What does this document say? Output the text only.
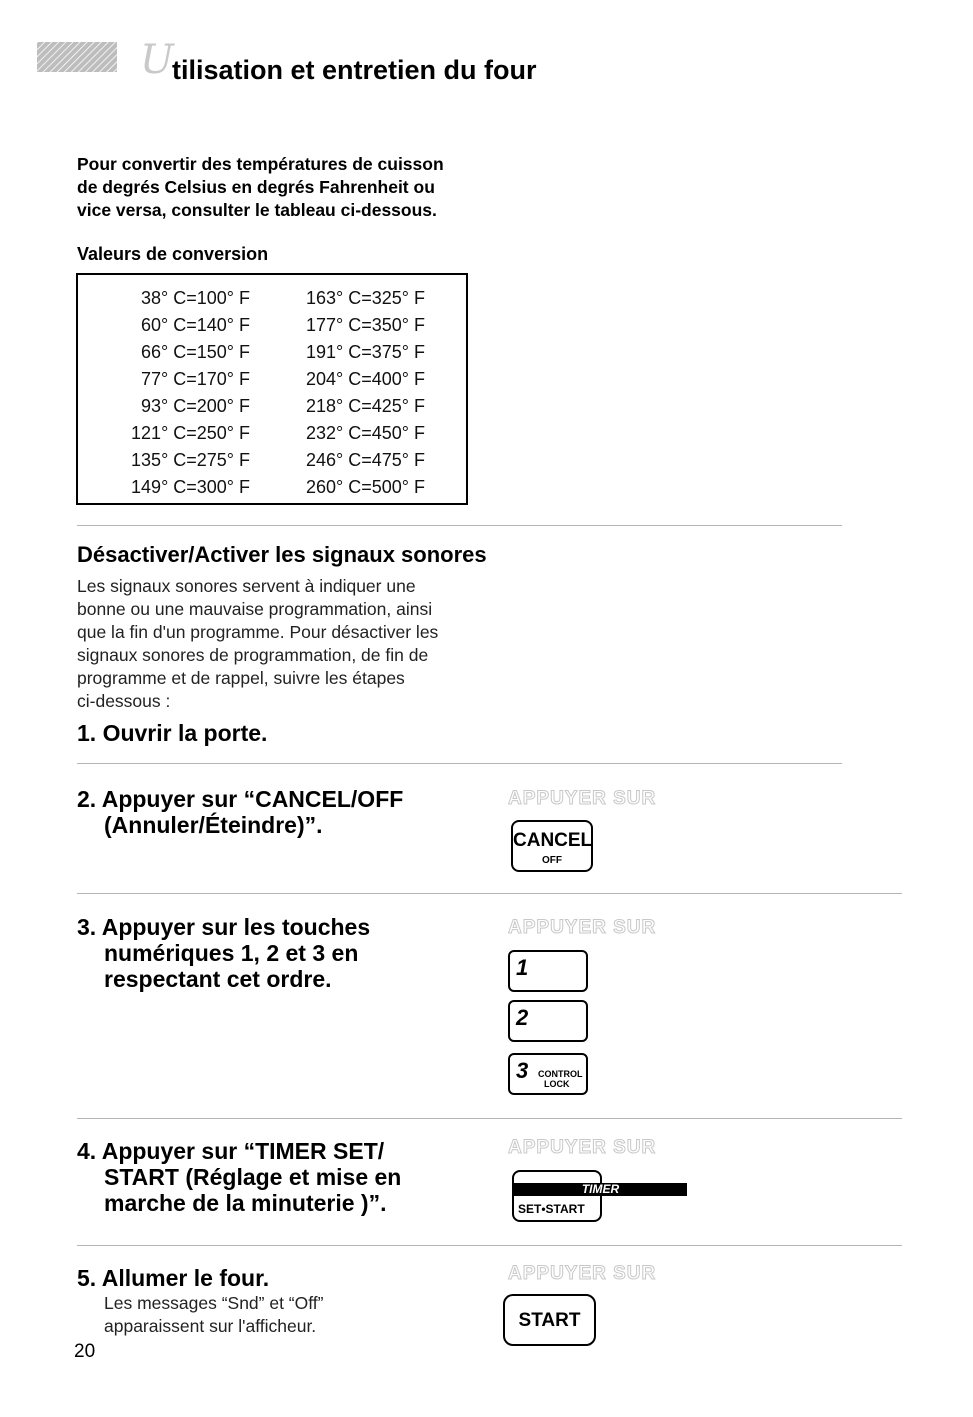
U
tilisation et entretien du four
Pour convertir des températures de cuisson
de degrés Celsius en degrés Fahrenheit ou
vice versa, consulter le tableau ci-dessous.
Valeurs de conversion
38° C=100° F
60° C=140° F
66° C=150° F
77° C=170° F
93° C=200° F
121° C=250° F
135° C=275° F
149° C=300° F
163° C=325° F
177° C=350° F
191° C=375° F
204° C=400° F
218° C=425° F
232° C=450° F
246° C=475° F
260° C=500° F
Désactiver/Activer les signaux sonores
Les signaux sonores servent à indiquer une
bonne ou une mauvaise programmation, ainsi
que la fin d'un programme. Pour désactiver les
signaux sonores de programmation, de fin de
programme et de rappel, suivre les étapes
ci-dessous :
1. Ouvrir la porte.
2. Appuyer sur “CANCEL/OFF
(Annuler/Éteindre)”.
APPUYER SUR
CANCEL
OFF
3. Appuyer sur les touches
numériques 1, 2 et 3 en
respectant cet ordre.
APPUYER SUR
1
2
3 CONTROL
LOCK
4. Appuyer sur “TIMER SET/
START (Réglage et mise en
marche de la minuterie )”.
APPUYER SUR
SET•START
TIMER
5. Allumer le four.
Les messages “Snd” et “Off”
apparaissent sur l'afficheur.
APPUYER SUR
START
20
